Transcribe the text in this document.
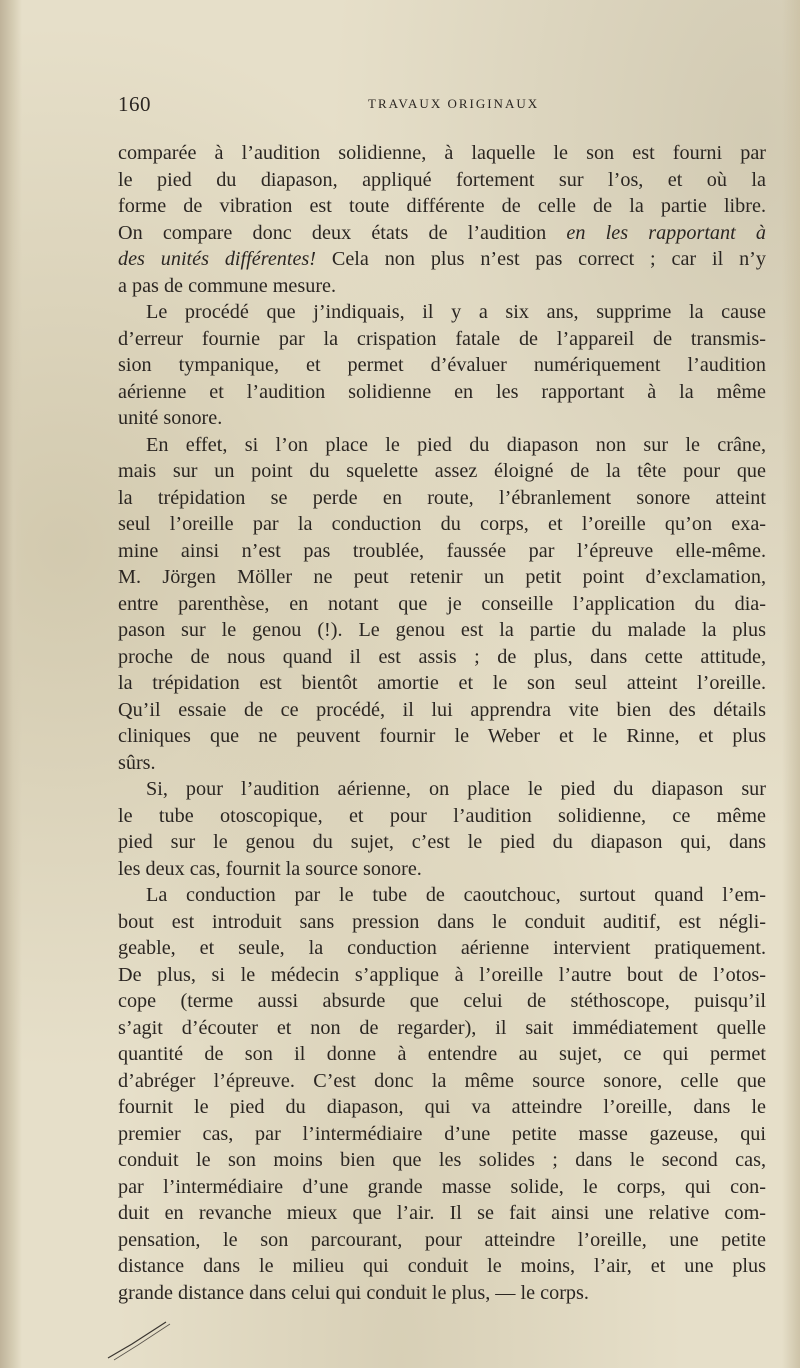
160	TRAVAUX ORIGINAUX
comparée à l’audition solidienne, à laquelle le son est fourni par
le pied du diapason, appliqué fortement sur l’os, et où la
forme de vibration est toute différente de celle de la partie libre.
On compare donc deux états de l’audition en les rapportant à
des unités différentes! Cela non plus n’est pas correct ; car il n’y
a pas de commune mesure.
Le procédé que j’indiquais, il y a six ans, supprime la cause
d’erreur fournie par la crispation fatale de l’appareil de transmis-
sion tympanique, et permet d’évaluer numériquement l’audition
aérienne et l’audition solidienne en les rapportant à la même
unité sonore.
En effet, si l’on place le pied du diapason non sur le crâne,
mais sur un point du squelette assez éloigné de la tête pour que
la trépidation se perde en route, l’ébranlement sonore atteint
seul l’oreille par la conduction du corps, et l’oreille qu’on exa-
mine ainsi n’est pas troublée, faussée par l’épreuve elle-même.
M. Jörgen Möller ne peut retenir un petit point d’exclamation,
entre parenthèse, en notant que je conseille l’application du dia-
pason sur le genou (!). Le genou est la partie du malade la plus
proche de nous quand il est assis ; de plus, dans cette attitude,
la trépidation est bientôt amortie et le son seul atteint l’oreille.
Qu’il essaie de ce procédé, il lui apprendra vite bien des détails
cliniques que ne peuvent fournir le Weber et le Rinne, et plus
sûrs.
Si, pour l’audition aérienne, on place le pied du diapason sur
le tube otoscopique, et pour l’audition solidienne, ce même
pied sur le genou du sujet, c’est le pied du diapason qui, dans
les deux cas, fournit la source sonore.
La conduction par le tube de caoutchouc, surtout quand l’em-
bout est introduit sans pression dans le conduit auditif, est négli-
geable, et seule, la conduction aérienne intervient pratiquement.
De plus, si le médecin s’applique à l’oreille l’autre bout de l’otos-
cope (terme aussi absurde que celui de stéthoscope, puisqu’il
s’agit d’écouter et non de regarder), il sait immédiatement quelle
quantité de son il donne à entendre au sujet, ce qui permet
d’abréger l’épreuve. C’est donc la même source sonore, celle que
fournit le pied du diapason, qui va atteindre l’oreille, dans le
premier cas, par l’intermédiaire d’une petite masse gazeuse, qui
conduit le son moins bien que les solides ; dans le second cas,
par l’intermédiaire d’une grande masse solide, le corps, qui con-
duit en revanche mieux que l’air. Il se fait ainsi une relative com-
pensation, le son parcourant, pour atteindre l’oreille, une petite
distance dans le milieu qui conduit le moins, l’air, et une plus
grande distance dans celui qui conduit le plus, — le corps.
